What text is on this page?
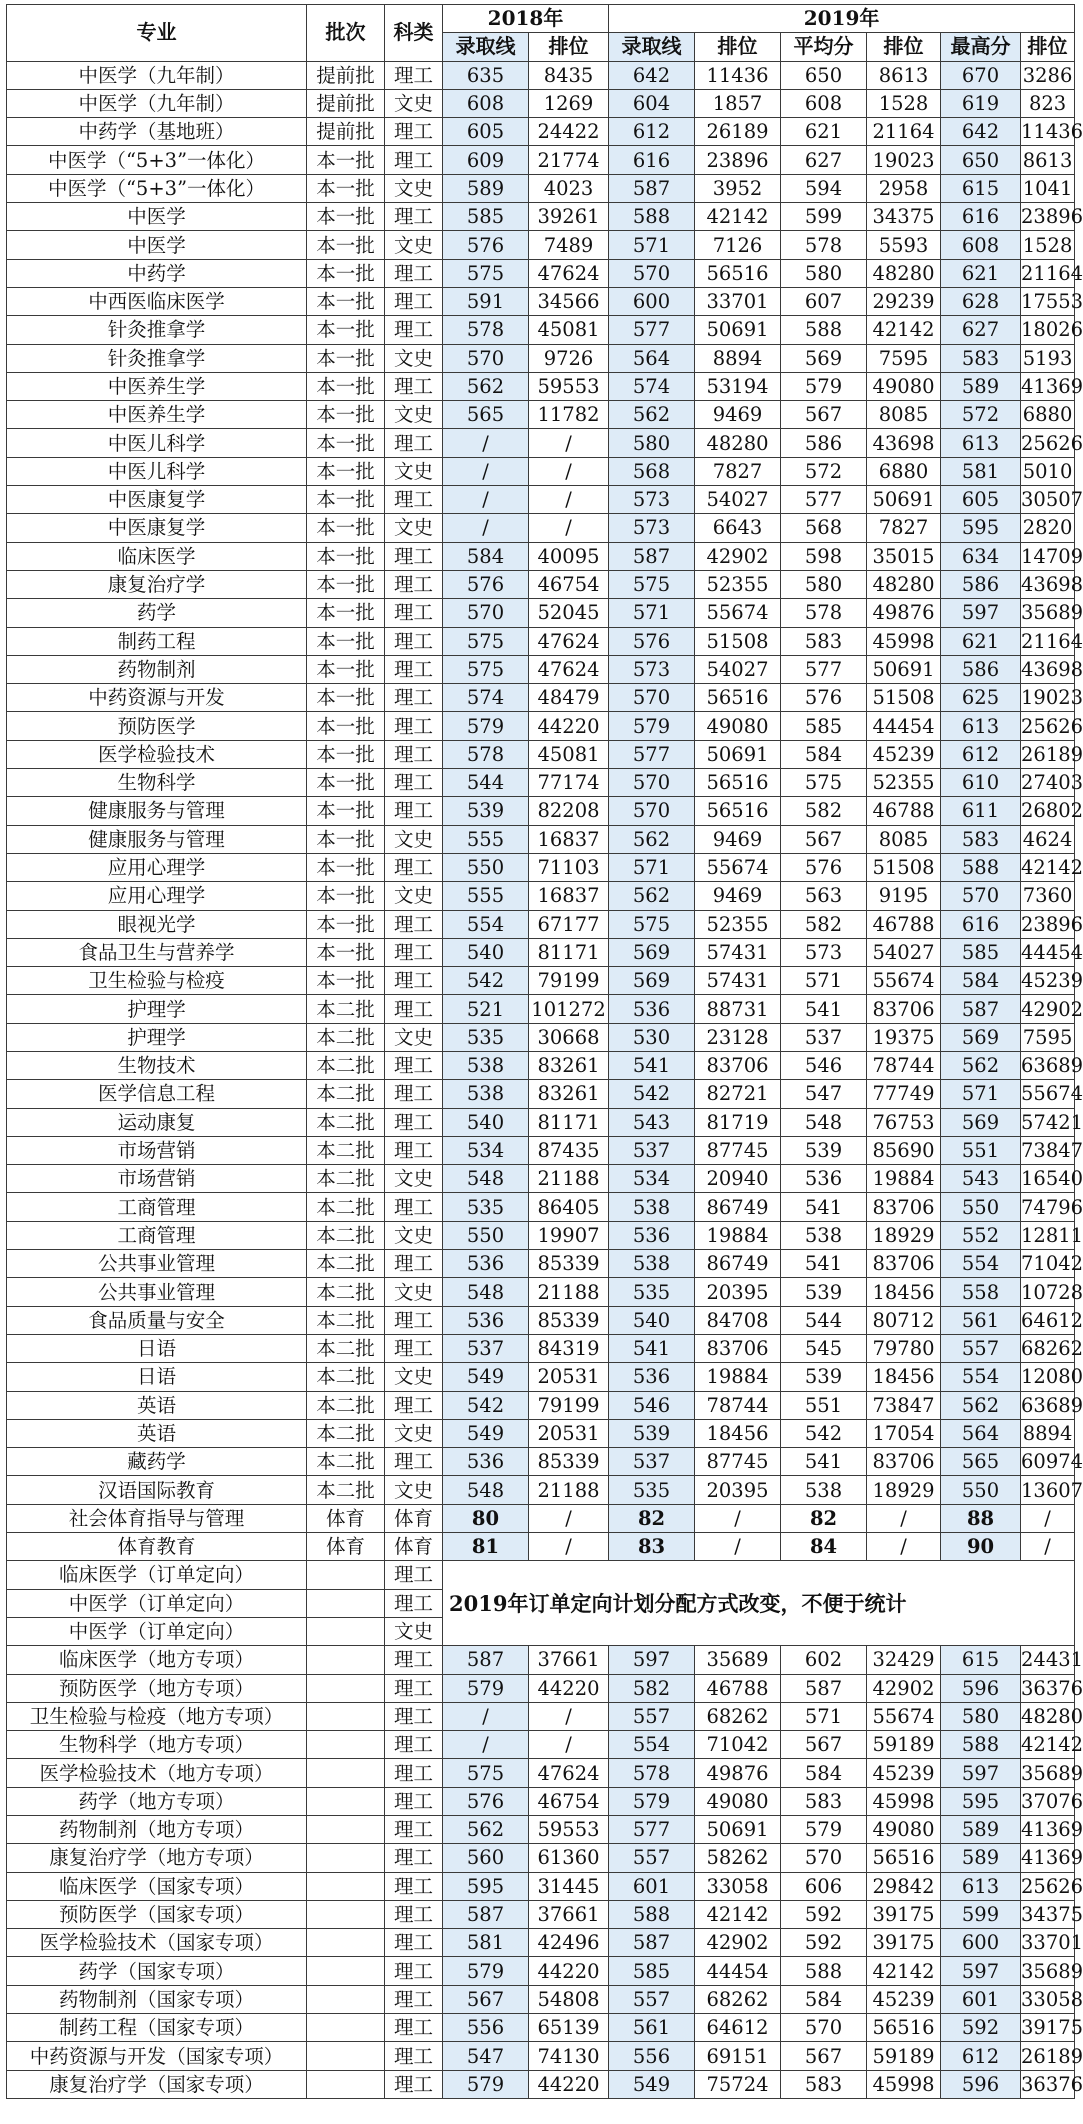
专业	批次	科类	2018年		2019年					
			录取线	排位	录取线	排位	平均分	排位	最高分	排位
中医学（九年制）	提前批	理工	635	8435	642	11436	650	8613	670	3286
中医学（九年制）	提前批	文史	608	1269	604	1857	608	1528	619	823
中药学（基地班）	提前批	理工	605	24422	612	26189	621	21164	642	11436
中医学（“5+3”一体化）	本一批	理工	609	21774	616	23896	627	19023	650	8613
中医学（“5+3”一体化）	本一批	文史	589	4023	587	3952	594	2958	615	1041
中医学	本一批	理工	585	39261	588	42142	599	34375	616	23896
中医学	本一批	文史	576	7489	571	7126	578	5593	608	1528
中药学	本一批	理工	575	47624	570	56516	580	48280	621	21164
中西医临床医学	本一批	理工	591	34566	600	33701	607	29239	628	17553
针灸推拿学	本一批	理工	578	45081	577	50691	588	42142	627	18026
针灸推拿学	本一批	文史	570	9726	564	8894	569	7595	583	5193
中医养生学	本一批	理工	562	59553	574	53194	579	49080	589	41369
中医养生学	本一批	文史	565	11782	562	9469	567	8085	572	6880
中医儿科学	本一批	理工	/	/	580	48280	586	43698	613	25626
中医儿科学	本一批	文史	/	/	568	7827	572	6880	581	5010
中医康复学	本一批	理工	/	/	573	54027	577	50691	605	30507
中医康复学	本一批	文史	/	/	573	6643	568	7827	595	2820
临床医学	本一批	理工	584	40095	587	42902	598	35015	634	14709
康复治疗学	本一批	理工	576	46754	575	52355	580	48280	586	43698
药学	本一批	理工	570	52045	571	55674	578	49876	597	35689
制药工程	本一批	理工	575	47624	576	51508	583	45998	621	21164
药物制剂	本一批	理工	575	47624	573	54027	577	50691	586	43698
中药资源与开发	本一批	理工	574	48479	570	56516	576	51508	625	19023
预防医学	本一批	理工	579	44220	579	49080	585	44454	613	25626
医学检验技术	本一批	理工	578	45081	577	50691	584	45239	612	26189
生物科学	本一批	理工	544	77174	570	56516	575	52355	610	27403
健康服务与管理	本一批	理工	539	82208	570	56516	582	46788	611	26802
健康服务与管理	本一批	文史	555	16837	562	9469	567	8085	583	4624
应用心理学	本一批	理工	550	71103	571	55674	576	51508	588	42142
应用心理学	本一批	文史	555	16837	562	9469	563	9195	570	7360
眼视光学	本一批	理工	554	67177	575	52355	582	46788	616	23896
食品卫生与营养学	本一批	理工	540	81171	569	57431	573	54027	585	44454
卫生检验与检疫	本一批	理工	542	79199	569	57431	571	55674	584	45239
护理学	本二批	理工	521	101272	536	88731	541	83706	587	42902
护理学	本二批	文史	535	30668	530	23128	537	19375	569	7595
生物技术	本二批	理工	538	83261	541	83706	546	78744	562	63689
医学信息工程	本二批	理工	538	83261	542	82721	547	77749	571	55674
运动康复	本二批	理工	540	81171	543	81719	548	76753	569	57421
市场营销	本二批	理工	534	87435	537	87745	539	85690	551	73847
市场营销	本二批	文史	548	21188	534	20940	536	19884	543	16540
工商管理	本二批	理工	535	86405	538	86749	541	83706	550	74796
工商管理	本二批	文史	550	19907	536	19884	538	18929	552	12811
公共事业管理	本二批	理工	536	85339	538	86749	541	83706	554	71042
公共事业管理	本二批	文史	548	21188	535	20395	539	18456	558	10728
食品质量与安全	本二批	理工	536	85339	540	84708	544	80712	561	64612
日语	本二批	理工	537	84319	541	83706	545	79780	557	68262
日语	本二批	文史	549	20531	536	19884	539	18456	554	12080
英语	本二批	理工	542	79199	546	78744	551	73847	562	63689
英语	本二批	文史	549	20531	539	18456	542	17054	564	8894
藏药学	本二批	理工	536	85339	537	87745	541	83706	565	60974
汉语国际教育	本二批	文史	548	21188	535	20395	538	18929	550	13607
社会体育指导与管理	体育	体育	80	/	82	/	82	/	88	/
体育教育	体育	体育	81	/	83	/	84	/	90	/
临床医学（订单定向）		理工	2019年订单定向计划分配方式改变，不便于统计							
中医学（订单定向）		理工								
中医学（订单定向）		文史								
临床医学（地方专项）		理工	587	37661	597	35689	602	32429	615	24431
预防医学（地方专项）		理工	579	44220	582	46788	587	42902	596	36376
卫生检验与检疫（地方专项）		理工	/	/	557	68262	571	55674	580	48280
生物科学（地方专项）		理工	/	/	554	71042	567	59189	588	42142
医学检验技术（地方专项）		理工	575	47624	578	49876	584	45239	597	35689
药学（地方专项）		理工	576	46754	579	49080	583	45998	595	37076
药物制剂（地方专项）		理工	562	59553	577	50691	579	49080	589	41369
康复治疗学（地方专项）		理工	560	61360	557	58262	570	56516	589	41369
临床医学（国家专项）		理工	595	31445	601	33058	606	29842	613	25626
预防医学（国家专项）		理工	587	37661	588	42142	592	39175	599	34375
医学检验技术（国家专项）		理工	581	42496	587	42902	592	39175	600	33701
药学（国家专项）		理工	579	44220	585	44454	588	42142	597	35689
药物制剂（国家专项）		理工	567	54808	557	68262	584	45239	601	33058
制药工程（国家专项）		理工	556	65139	561	64612	570	56516	592	39175
中药资源与开发（国家专项）		理工	547	74130	556	69151	567	59189	612	26189
康复治疗学（国家专项）		理工	579	44220	549	75724	583	45998	596	36376
